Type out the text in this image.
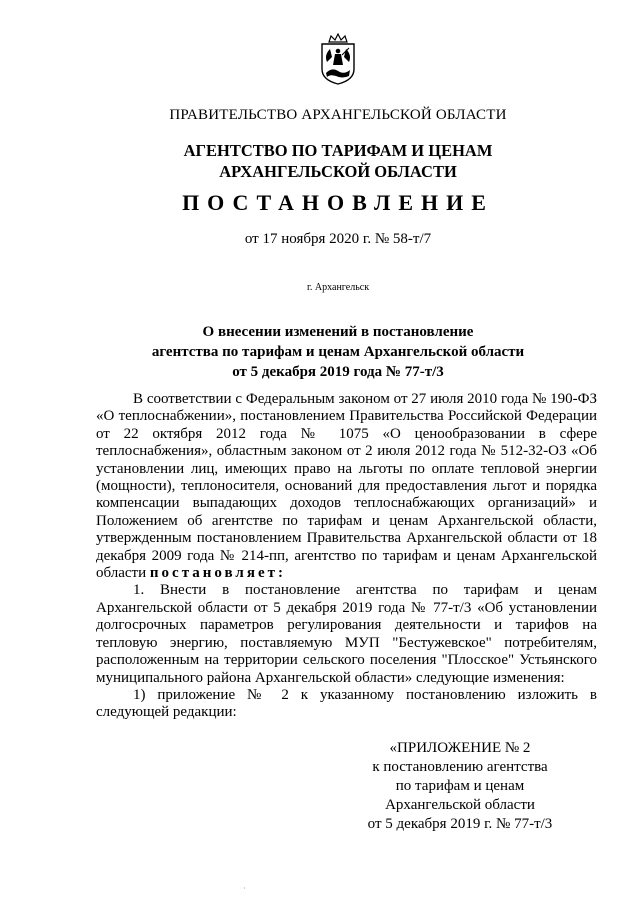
ПРАВИТЕЛЬСТВО АРХАНГЕЛЬСКОЙ ОБЛАСТИ
АГЕНТСТВО ПО ТАРИФАМ И ЦЕНАМ
АРХАНГЕЛЬСКОЙ ОБЛАСТИ
ПОСТАНОВЛЕНИЕ
от 17 ноября 2020 г. № 58-т/7
г. Архангельск
О внесении изменений в постановление
агентства по тарифам и ценам Архангельской области
от 5 декабря 2019 года № 77-т/3

В соответствии с Федеральным законом от 27 июля 2010 года № 190-ФЗ «О теплоснабжении», постановлением Правительства Российской Федерации от 22 октября 2012 года № 1075 «О ценообразовании в сфере теплоснабжения», областным законом от 2 июля 2012 года № 512-32-ОЗ «Об установлении лиц, имеющих право на льготы по оплате тепловой энергии (мощности), теплоносителя, оснований для предоставления льгот и порядка компенсации выпадающих доходов теплоснабжающих организаций» и Положением об агентстве по тарифам и ценам Архангельской области, утвержденным постановлением Правительства Архангельской области от 18 декабря 2009 года № 214-пп, агентство по тарифам и ценам Архангельской области постановляет:

1. Внести в постановление агентства по тарифам и ценам Архангельской области от 5 декабря 2019 года № 77-т/3 «Об установлении долгосрочных параметров регулирования деятельности и тарифов на тепловую энергию, поставляемую МУП "Бестужевское" потребителям, расположенным на территории сельского поселения "Плосское" Устьянского муниципального района Архангельской области» следующие изменения:

1) приложение № 2 к указанному постановлению изложить в следующей редакции:

«ПРИЛОЖЕНИЕ № 2
к постановлению агентства
по тарифам и ценам
Архангельской области
от 5 декабря 2019 г. № 77-т/3
·
